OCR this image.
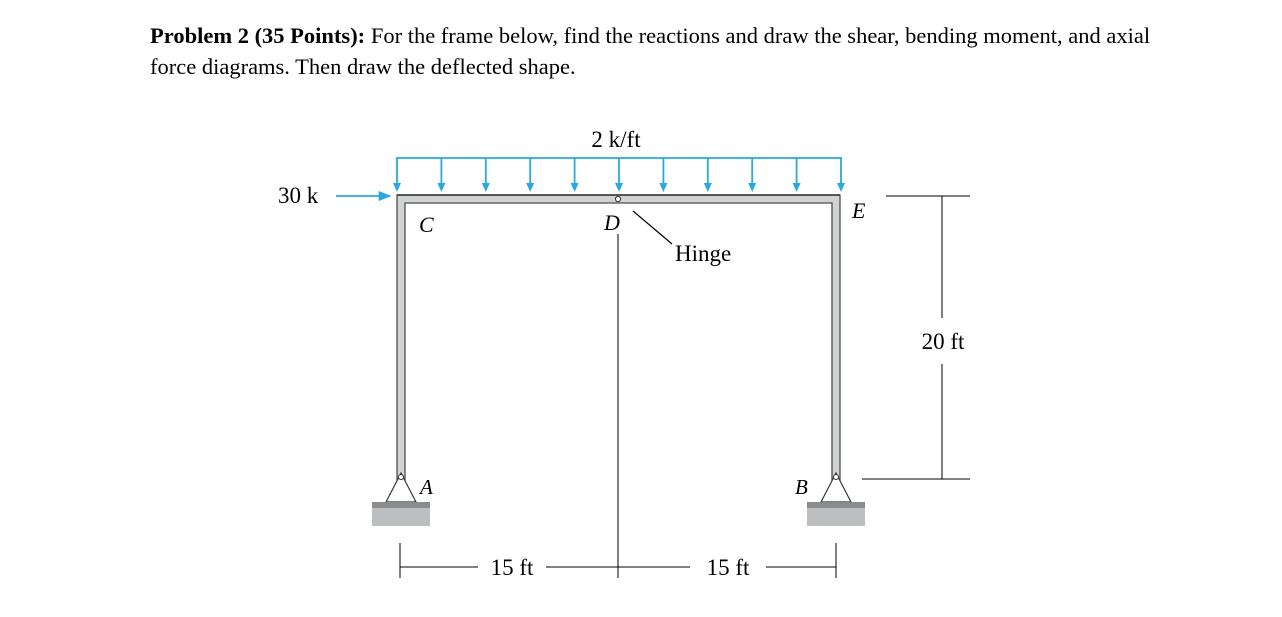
Problem 2 (35 Points): For the frame below, find the reactions and draw the shear, bending moment, and axial force diagrams. Then draw the deflected shape.

2 k/ft
30 k
C	D	E
Hinge
A	B
15 ft	15 ft
20 ft
